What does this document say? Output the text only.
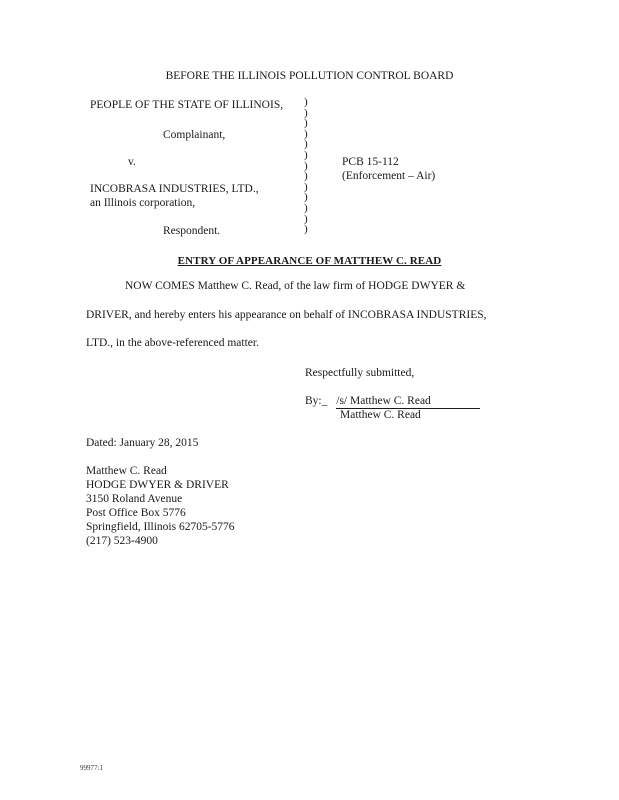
BEFORE THE ILLINOIS POLLUTION CONTROL BOARD
PEOPLE OF THE STATE OF ILLINOIS,
Complainant,
v.
INCOBRASA INDUSTRIES, LTD.,
an Illinois corporation,
Respondent.
)
)
)
)
)
)
)
)
)
)
)
)
)
PCB 15-112
(Enforcement – Air)
ENTRY OF APPEARANCE OF MATTHEW C. READ
NOW COMES Matthew C. Read, of the law firm of HODGE DWYER &
DRIVER, and hereby enters his appearance on behalf of INCOBRASA INDUSTRIES,
LTD., in the above-referenced matter.
Respectfully submitted,
By:_ /s/ Matthew C. Read
Matthew C. Read
Dated: January 28, 2015
Matthew C. Read
HODGE DWYER & DRIVER
3150 Roland Avenue
Post Office Box 5776
Springfield, Illinois 62705-5776
(217) 523-4900
99977:1
